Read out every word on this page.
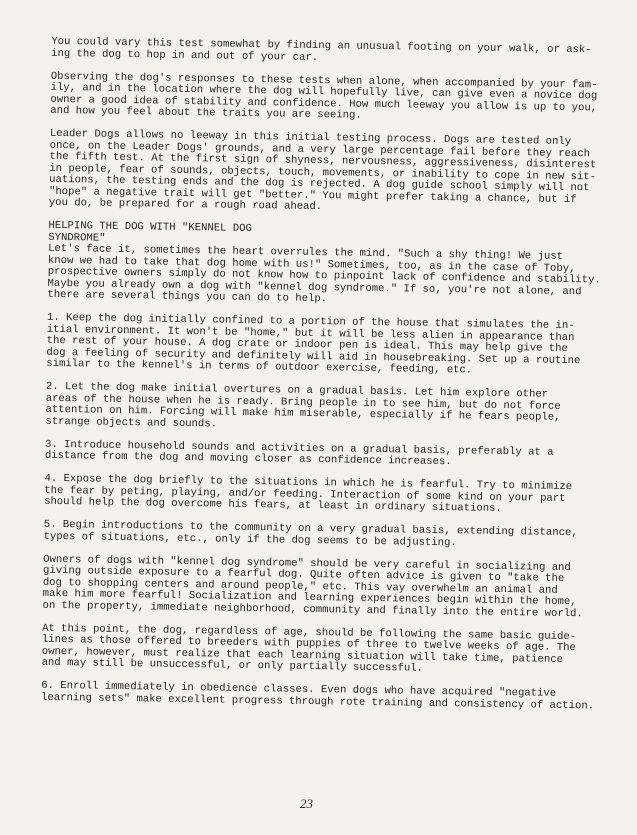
You could vary this test somewhat by finding an unusual footing on your walk, or ask-
ing the dog to hop in and out of your car.

Observing the dog's responses to these tests when alone, when accompanied by your fam-
ily, and in the location where the dog will hopefully live, can give even a novice dog
owner a good idea of stability and confidence. How much leeway you allow is up to you,
and how you feel about the traits you are seeing.

Leader Dogs allows no leeway in this initial testing process. Dogs are tested only
once, on the Leader Dogs' grounds, and a very large percentage fail before they reach
the fifth test. At the first sign of shyness, nervousness, aggressiveness, disinterest
in people, fear of sounds, objects, touch, movements, or inability to cope in new sit-
uations, the testing ends and the dog is rejected. A dog guide school simply will not
"hope" a negative trait will get "better." You might prefer taking a chance, but if
you do, be prepared for a rough road ahead.

HELPING THE DOG WITH "KENNEL DOG
SYNDROME"

Let's face it, sometimes the heart overrules the mind. "Such a shy thing! We just
know we had to take that dog home with us!" Sometimes, too, as in the case of Toby,
prospective owners simply do not know how to pinpoint lack of confidence and stability.
Maybe you already own a dog with "kennel dog syndrome." If so, you're not alone, and
there are several things you can do to help.

1. Keep the dog initially confined to a portion of the house that simulates the in-
itial environment. It won't be "home," but it will be less alien in appearance than
the rest of your house. A dog crate or indoor pen is ideal. This may help give the
dog a feeling of security and definitely will aid in housebreaking. Set up a routine
similar to the kennel's in terms of outdoor exercise, feeding, etc.

2. Let the dog make initial overtures on a gradual basis. Let him explore other
areas of the house when he is ready. Bring people in to see him, but do not force
attention on him. Forcing will make him miserable, especially if he fears people,
strange objects and sounds.

3. Introduce household sounds and activities on a gradual basis, preferably at a
distance from the dog and moving closer as confidence increases.

4. Expose the dog briefly to the situations in which he is fearful. Try to minimize
the fear by peting, playing, and/or feeding. Interaction of some kind on your part
should help the dog overcome his fears, at least in ordinary situations.

5. Begin introductions to the community on a very gradual basis, extending distance,
types of situations, etc., only if the dog seems to be adjusting.

Owners of dogs with "kennel dog syndrome" should be very careful in socializing and
giving outside exposure to a fearful dog. Quite often advice is given to "take the
dog to shopping centers and around people," etc. This vay overwhelm an animal and
make him more fearful! Socialization and learning experiences begin within the home,
on the property, immediate neighborhood, community and finally into the entire world.

At this point, the dog, regardless of age, should be following the same basic guide-
lines as those offered to breeders with puppies of three to twelve weeks of age. The
owner, however, must realize that each learning situation will take time, patience
and may still be unsuccessful, or only partially successful.

6. Enroll immediately in obedience classes. Even dogs who have acquired "negative
learning sets" make excellent progress through rote training and consistency of action.

23
